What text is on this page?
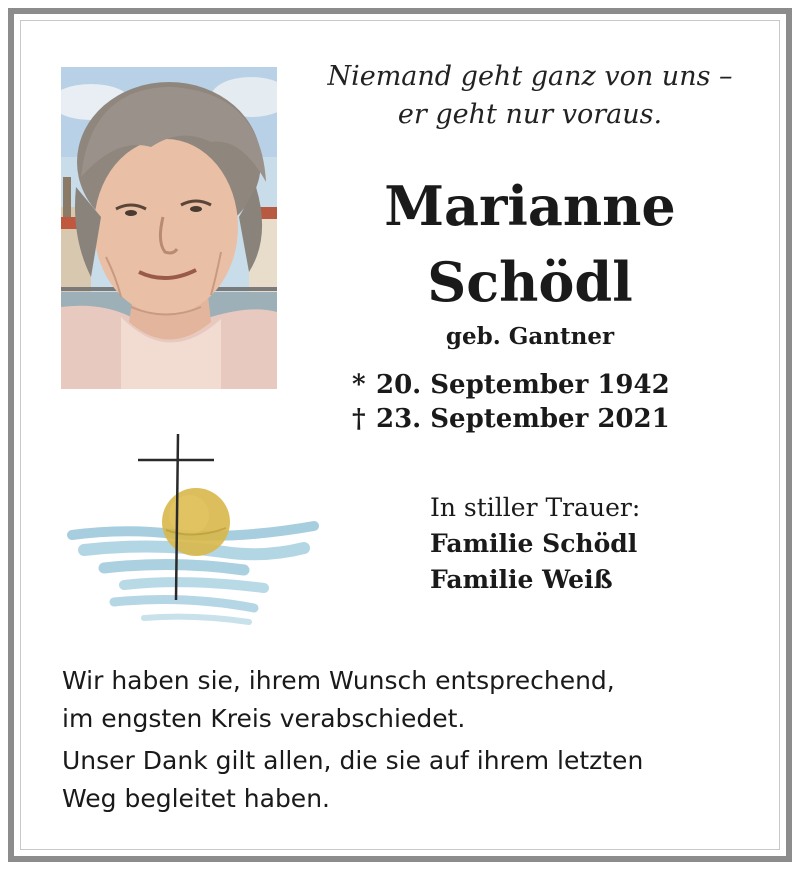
Niemand geht ganz von uns –
er geht nur voraus.
Marianne
Schödl
geb. Gantner
* 20. September 1942
† 23. September 2021
In stiller Trauer:
Familie Schödl
Familie Weiß
Wir haben sie, ihrem Wunsch entsprechend,
im engsten Kreis verabschiedet.
Unser Dank gilt allen, die sie auf ihrem letzten
Weg begleitet haben.
